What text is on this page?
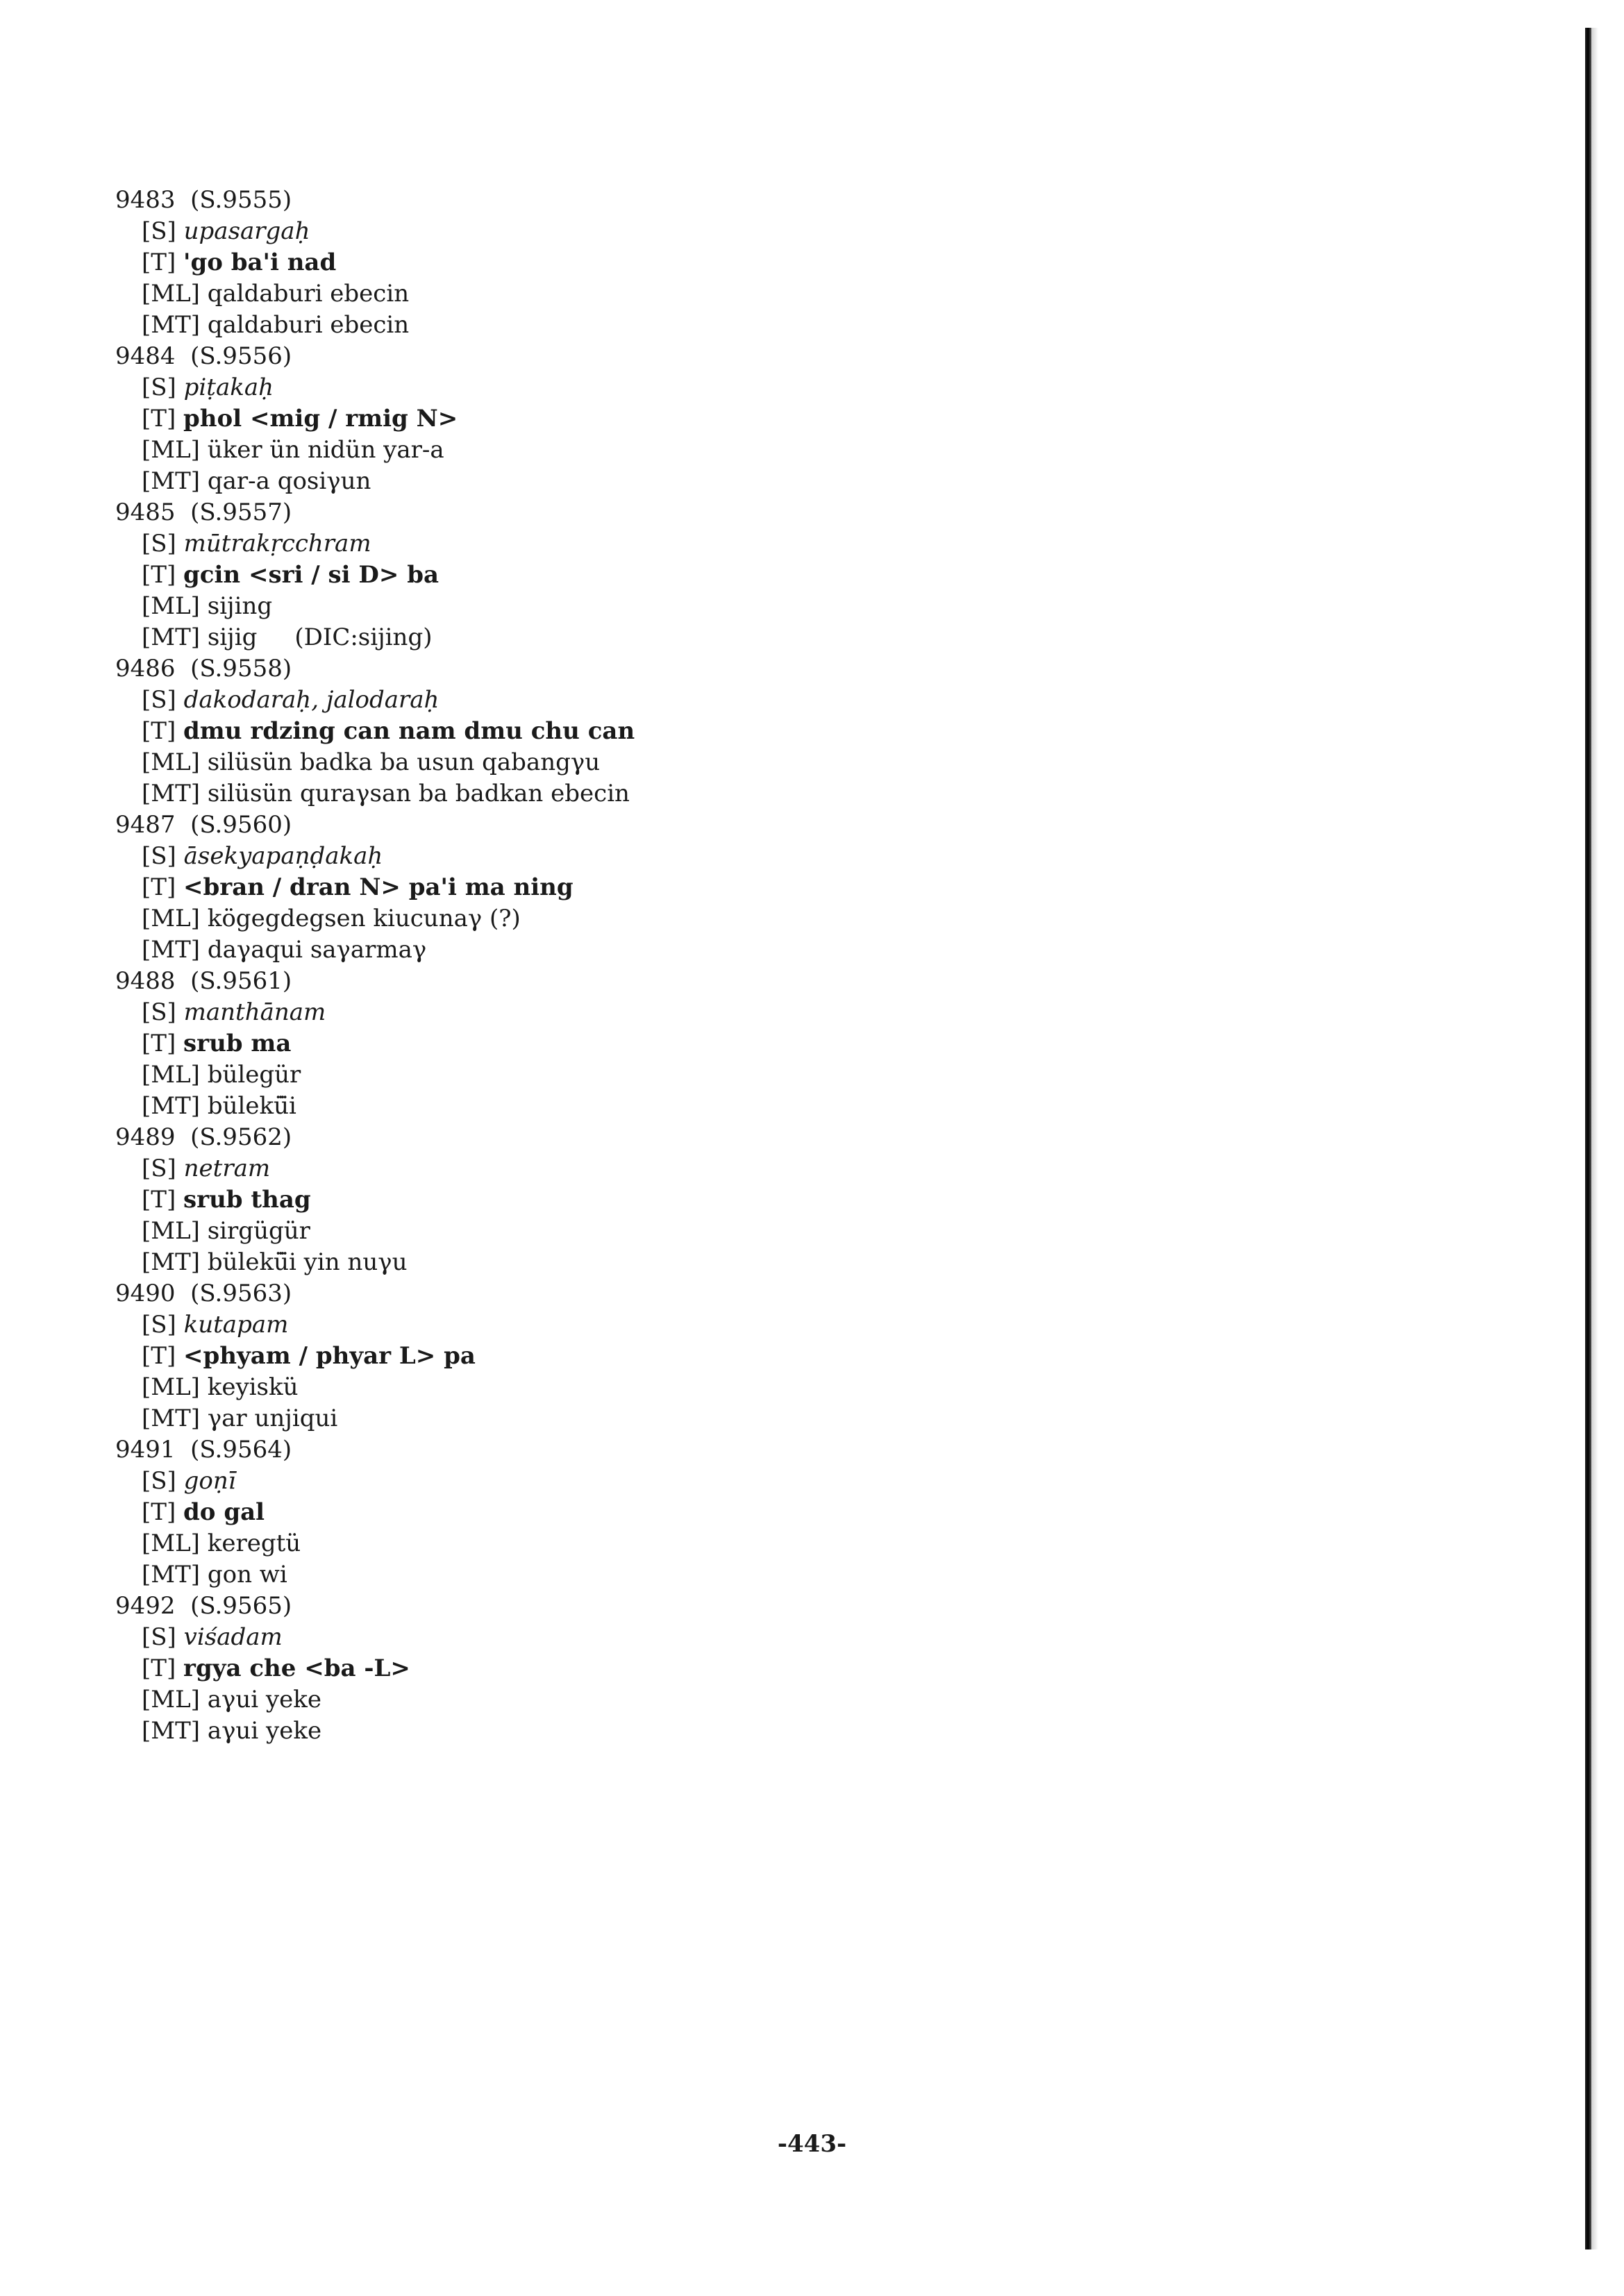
9483 (S.9555)
[S] upasargaḥ
[T] 'go ba'i nad
[ML] qaldaburi ebecin
[MT] qaldaburi ebecin
9484 (S.9556)
[S] piṭakaḥ
[T] phol <mig / rmig N>
[ML] üker ün nidün yar-a
[MT] qar-a qosiγun
9485 (S.9557)
[S] mūtrakṛcchram
[T] gcin <sri / si D> ba
[ML] sijing
[MT] sijig     (DIC:sijing)
9486 (S.9558)
[S] dakodaraḥ, jalodaraḥ
[T] dmu rdzing can nam dmu chu can
[ML] silüsün badka ba usun qabangγu
[MT] silüsün quraγsan ba badkan ebecin
9487 (S.9560)
[S] āsekyapaṇḍakaḥ
[T] <bran / dran N> pa'i ma ning
[ML] kögegdegsen kiucunaγ (?)
[MT] daγaqui saγarmaγ
9488 (S.9561)
[S] manthānam
[T] srub ma
[ML] bülegür
[MT] bülekü̈i
9489 (S.9562)
[S] netram
[T] srub thag
[ML] sirgügür
[MT] bülekü̈i yin nuγu
9490 (S.9563)
[S] kutapam
[T] <phyam / phyar L> pa
[ML] keyiskü
[MT] γar unjiqui
9491 (S.9564)
[S] goṇī
[T] do gal
[ML] keregtü
[MT] gon wi
9492 (S.9565)
[S] viśadam
[T] rgya che <ba -L>
[ML] aγui yeke
[MT] aγui yeke
-443-
